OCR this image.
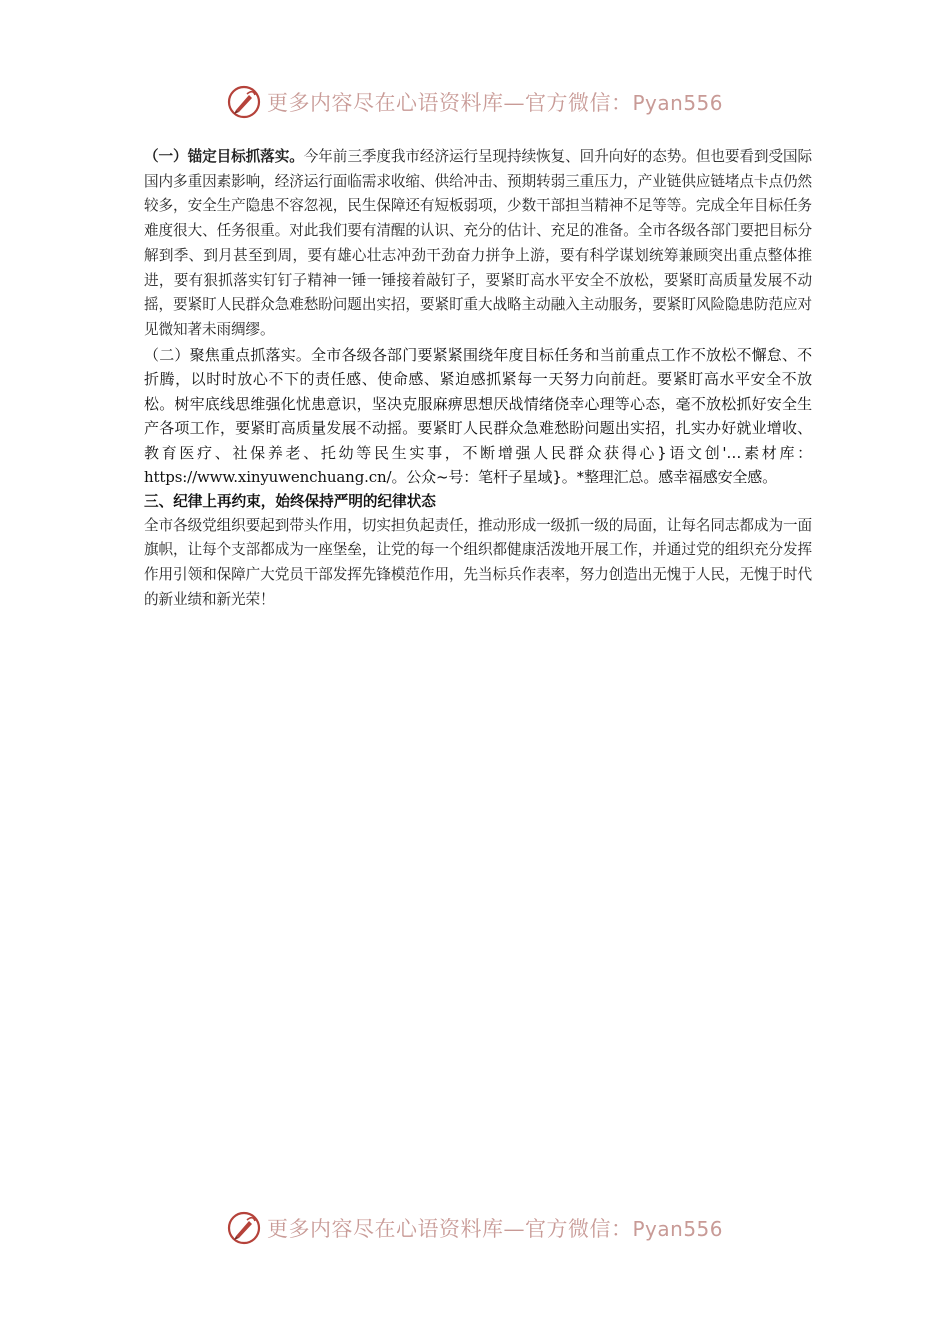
更多内容尽在心语资料库—官方微信：Pyan556

（一）锚定目标抓落实。今年前三季度我市经济运行呈现持续恢复、回升向好的态势。但也要看到受国际国内多重因素影响，经济运行面临需求收缩、供给冲击、预期转弱三重压力，产业链供应链堵点卡点仍然较多，安全生产隐患不容忽视，民生保障还有短板弱项，少数干部担当精神不足等等。完成全年目标任务难度很大、任务很重。对此我们要有清醒的认识、充分的估计、充足的准备。全市各级各部门要把目标分解到季、到月甚至到周，要有雄心壮志冲劲干劲奋力拼争上游，要有科学谋划统筹兼顾突出重点整体推进，要有狠抓落实钉钉子精神一锤一锤接着敲钉子，要紧盯高水平安全不放松，要紧盯高质量发展不动摇，要紧盯人民群众急难愁盼问题出实招，要紧盯重大战略主动融入主动服务，要紧盯风险隐患防范应对见微知著未雨绸缪。

（二）聚焦重点抓落实。全市各级各部门要紧紧围绕年度目标任务和当前重点工作不放松不懈怠、不折腾，以时时放心不下的责任感、使命感、紧迫感抓紧每一天努力向前赶。要紧盯高水平安全不放松。树牢底线思维强化忧患意识，坚决克服麻痹思想厌战情绪侥幸心理等心态，毫不放松抓好安全生产各项工作，要紧盯高质量发展不动摇。要紧盯人民群众急难愁盼问题出实招，扎实办好就业增收、教育医疗、社保养老、托幼等民生实事，不断增强人民群众获得心}语文创'…素材库：https://www.xinyuwenchuang.cn/。公众~号：笔杆子星域}。*整理汇总。感幸福感安全感。

三、纪律上再约束，始终保持严明的纪律状态

全市各级党组织要起到带头作用，切实担负起责任，推动形成一级抓一级的局面，让每名同志都成为一面旗帜，让每个支部都成为一座堡垒，让党的每一个组织都健康活泼地开展工作，并通过党的组织充分发挥作用引领和保障广大党员干部发挥先锋模范作用，先当标兵作表率，努力创造出无愧于人民，无愧于时代的新业绩和新光荣！

更多内容尽在心语资料库—官方微信：Pyan556
